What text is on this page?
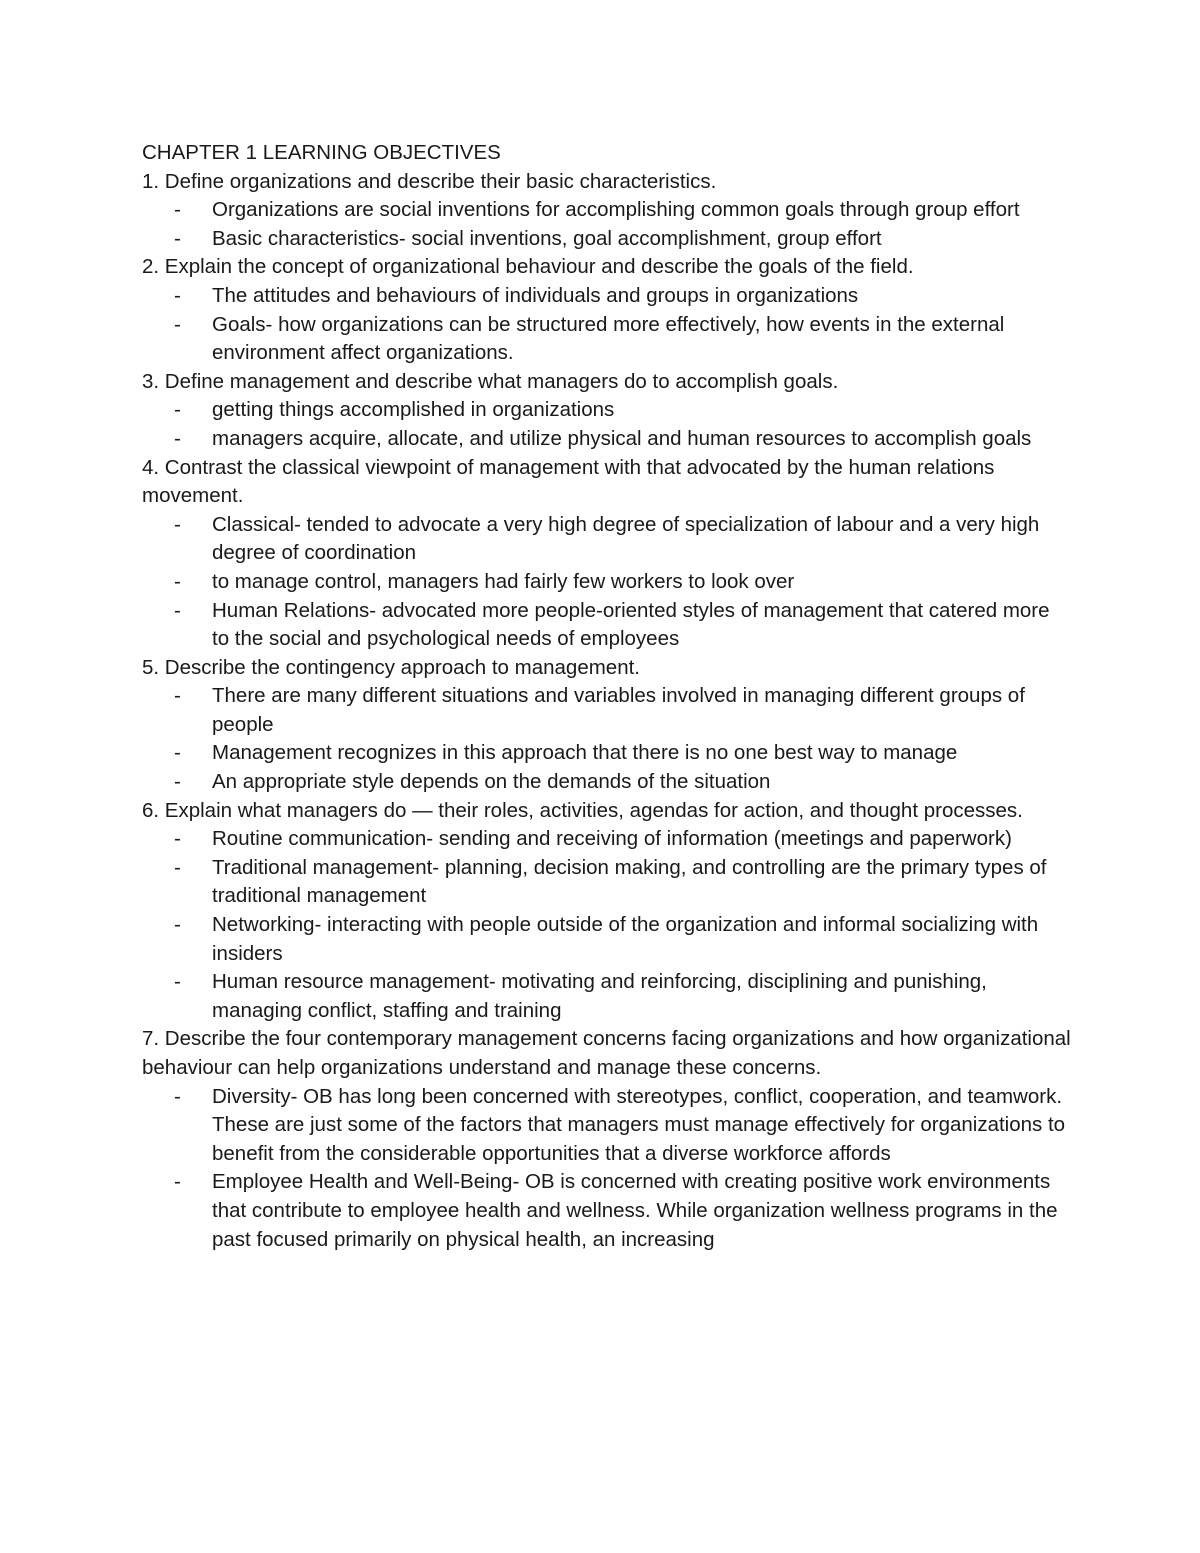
CHAPTER 1 LEARNING OBJECTIVES

1. Define organizations and describe their basic characteristics.

- Organizations are social inventions for accomplishing common goals through group effort
- Basic characteristics- social inventions, goal accomplishment, group effort

2. Explain the concept of organizational behaviour and describe the goals of the field.

- The attitudes and behaviours of individuals and groups in organizations
- Goals- how organizations can be structured more effectively, how events in the external environment affect organizations.

3. Define management and describe what managers do to accomplish goals.

- getting things accomplished in organizations
- managers acquire, allocate, and utilize physical and human resources to accomplish goals

4. Contrast the classical viewpoint of management with that advocated by the human relations movement.

- Classical- tended to advocate a very high degree of specialization of labour and a very high degree of coordination
- to manage control, managers had fairly few workers to look over
- Human Relations- advocated more people-oriented styles of management that catered more to the social and psychological needs of employees

5. Describe the contingency approach to management.

- There are many different situations and variables involved in managing different groups of people
- Management recognizes in this approach that there is no one best way to manage
- An appropriate style depends on the demands of the situation

6. Explain what managers do — their roles, activities, agendas for action, and thought processes.

- Routine communication- sending and receiving of information (meetings and paperwork)
- Traditional management- planning, decision making, and controlling are the primary types of traditional management
- Networking- interacting with people outside of the organization and informal socializing with insiders
- Human resource management- motivating and reinforcing, disciplining and punishing, managing conflict, staffing and training

7. Describe the four contemporary management concerns facing organizations and how organizational behaviour can help organizations understand and manage these concerns.

- Diversity- OB has long been concerned with stereotypes, conflict, cooperation, and teamwork. These are just some of the factors that managers must manage effectively for organizations to benefit from the considerable opportunities that a diverse workforce affords
- Employee Health and Well-Being- OB is concerned with creating positive work environments that contribute to employee health and wellness. While organization wellness programs in the past focused primarily on physical health, an increasing
